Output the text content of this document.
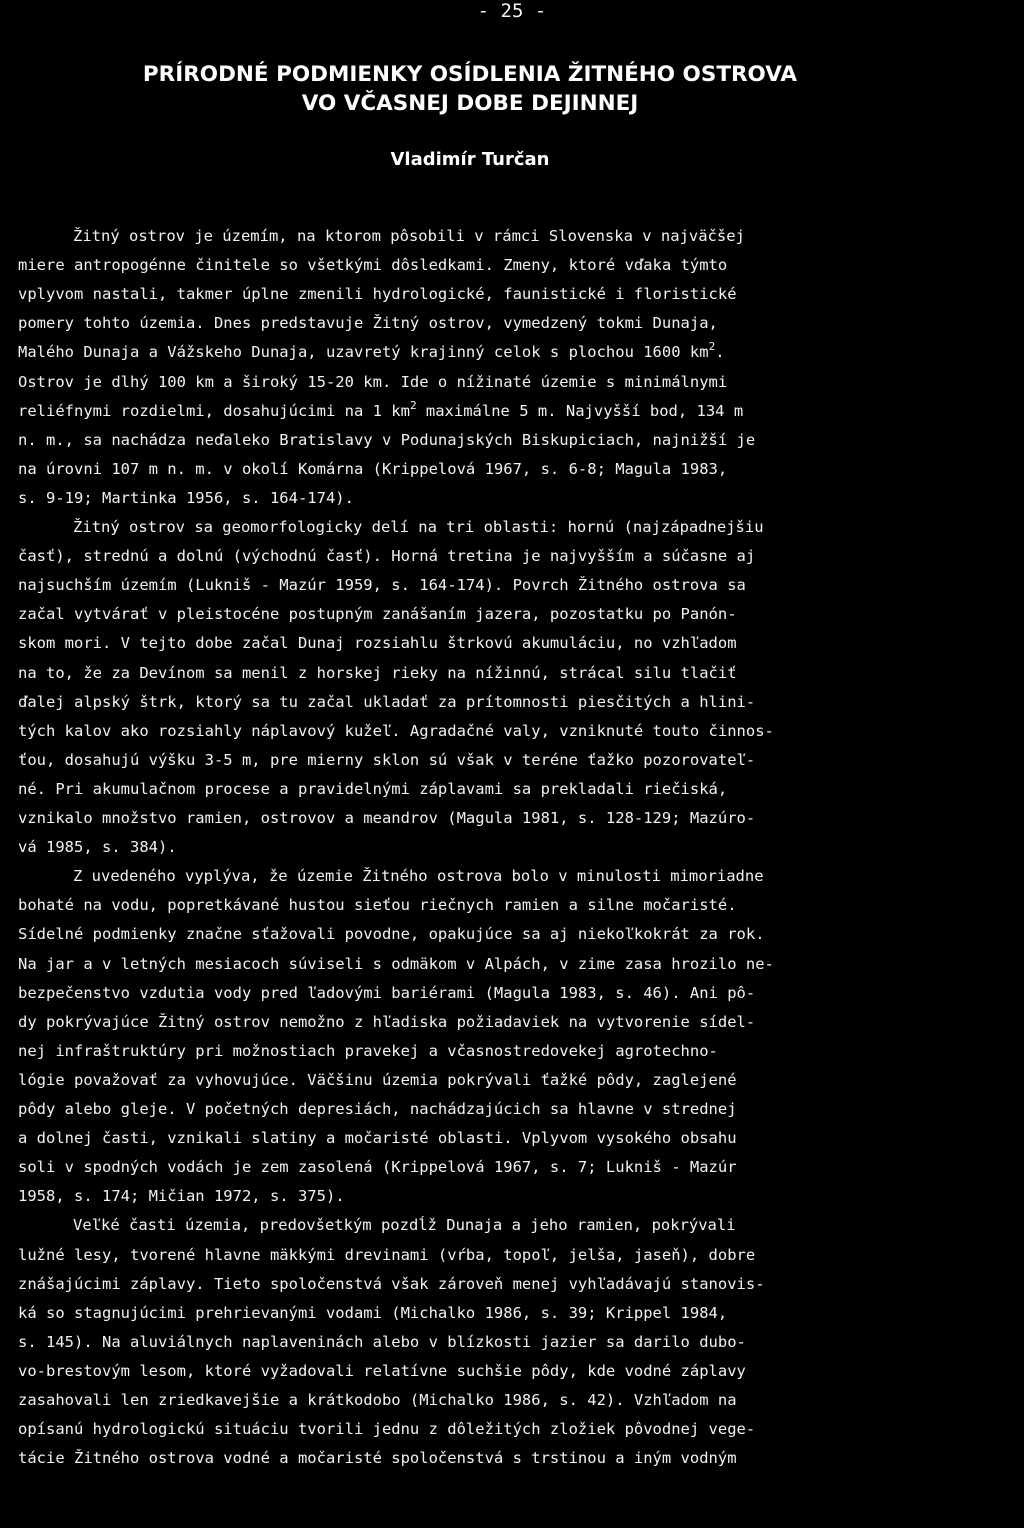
- 25 -
PRÍRODNÉ PODMIENKY OSÍDLENIA ŽITNÉHO OSTROVA
VO VČASNEJ DOBE DEJINNEJ
Vladimír Turčan
Žitný ostrov je územím, na ktorom pôsobili v rámci Slovenska v najväčšej
miere antropogénne činitele so všetkými dôsledkami. Zmeny, ktoré vďaka týmto
vplyvom nastali, takmer úplne zmenili hydrologické, faunistické i floristické
pomery tohto územia. Dnes predstavuje Žitný ostrov, vymedzený tokmi Dunaja,
Malého Dunaja a Vážskeho Dunaja, uzavretý krajinný celok s plochou 1600 $km^2$.
Ostrov je dlhý 100 km a široký 15-20 km. Ide o nížinaté územie s minimálnymi
reliéfnymi rozdielmi, dosahujúcimi na 1 $km^2$ maximálne 5 m. Najvyšší bod, 134 m
n. m., sa nachádza neďaleko Bratislavy v Podunajských Biskupiciach, najnižší je
na úrovni 107 m n. m. v okolí Komárna (Krippelová 1967, s. 6-8; Magula 1983,
s. 9-19; Martinka 1956, s. 164-174).
Žitný ostrov sa geomorfologicky delí na tri oblasti: hornú (najzápadnejšiu
časť), strednú a dolnú (východnú časť). Horná tretina je najvyšším a súčasne aj
najsuchším územím (Lukniš - Mazúr 1959, s. 164-174). Povrch Žitného ostrova sa
začal vytvárať v pleistocéne postupným zanášaním jazera, pozostatku po Panón-
skom mori. V tejto dobe začal Dunaj rozsiahlu štrkovú akumuláciu, no vzhľadom
na to, že za Devínom sa menil z horskej rieky na nížinnú, strácal silu tlačiť
ďalej alpský štrk, ktorý sa tu začal ukladať za prítomnosti piesčitých a hlini-
tých kalov ako rozsiahly náplavový kužeľ. Agradačné valy, vzniknuté touto činnos-
ťou, dosahujú výšku 3-5 m, pre mierny sklon sú však v teréne ťažko pozorovateľ-
né. Pri akumulačnom procese a pravidelnými záplavami sa prekladali riečiská,
vznikalo množstvo ramien, ostrovov a meandrov (Magula 1981, s. 128-129; Mazúro-
vá 1985, s. 384).
Z uvedeného vyplýva, že územie Žitného ostrova bolo v minulosti mimoriadne
bohaté na vodu, popretkávané hustou sieťou riečnych ramien a silne močaristé.
Sídelné podmienky značne sťažovali povodne, opakujúce sa aj niekoľkokrát za rok.
Na jar a v letných mesiacoch súviseli s odmäkom v Alpách, v zime zasa hrozilo ne-
bezpečenstvo vzdutia vody pred ľadovými bariérami (Magula 1983, s. 46). Ani pô-
dy pokrývajúce Žitný ostrov nemožno z hľadiska požiadaviek na vytvorenie sídel-
nej infraštruktúry pri možnostiach pravekej a včasnostredovekej agrotechno-
lógie považovať za vyhovujúce. Väčšinu územia pokrývali ťažké pôdy, zaglejené
pôdy alebo gleje. V početných depresiách, nachádzajúcich sa hlavne v strednej
a dolnej časti, vznikali slatiny a močaristé oblasti. Vplyvom vysokého obsahu
soli v spodných vodách je zem zasolená (Krippelová 1967, s. 7; Lukniš - Mazúr
1958, s. 174; Mičian 1972, s. 375).
Veľké časti územia, predovšetkým pozdĺž Dunaja a jeho ramien, pokrývali
lužné lesy, tvorené hlavne mäkkými drevinami (vŕba, topoľ, jelša, jaseň), dobre
znášajúcimi záplavy. Tieto spoločenstvá však zároveň menej vyhľadávajú stanovis-
ká so stagnujúcimi prehrievanými vodami (Michalko 1986, s. 39; Krippel 1984,
s. 145). Na aluviálnych naplaveninách alebo v blízkosti jazier sa darilo dubo-
vo-brestovým lesom, ktoré vyžadovali relatívne suchšie pôdy, kde vodné záplavy
zasahovali len zriedkavejšie a krátkodobo (Michalko 1986, s. 42). Vzhľadom na
opísanú hydrologickú situáciu tvorili jednu z dôležitých zložiek pôvodnej vege-
tácie Žitného ostrova vodné a močaristé spoločenstvá s trstinou a iným vodným
